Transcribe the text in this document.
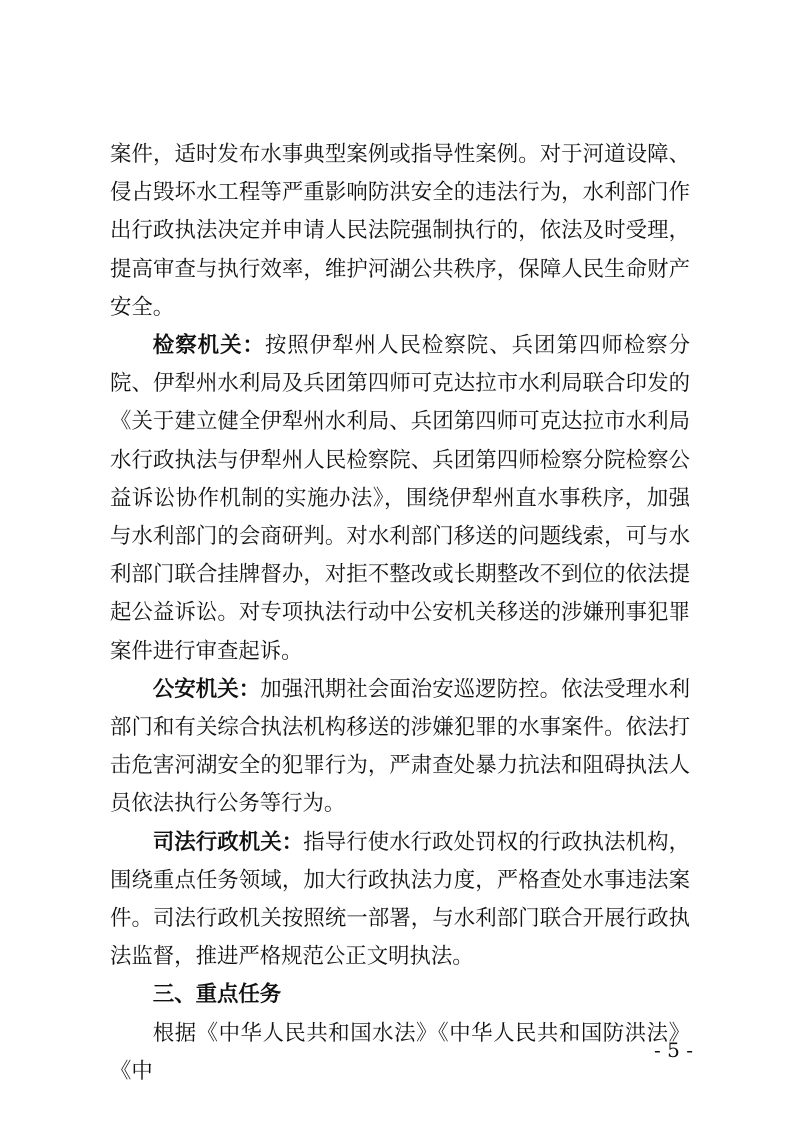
案件，适时发布水事典型案例或指导性案例。对于河道设障、侵占毁坏水工程等严重影响防洪安全的违法行为，水利部门作出行政执法决定并申请人民法院强制执行的，依法及时受理，提高审查与执行效率，维护河湖公共秩序，保障人民生命财产安全。

检察机关：按照伊犁州人民检察院、兵团第四师检察分院、伊犁州水利局及兵团第四师可克达拉市水利局联合印发的《关于建立健全伊犁州水利局、兵团第四师可克达拉市水利局水行政执法与伊犁州人民检察院、兵团第四师检察分院检察公益诉讼协作机制的实施办法》，围绕伊犁州直水事秩序，加强与水利部门的会商研判。对水利部门移送的问题线索，可与水利部门联合挂牌督办，对拒不整改或长期整改不到位的依法提起公益诉讼。对专项执法行动中公安机关移送的涉嫌刑事犯罪案件进行审查起诉。

公安机关：加强汛期社会面治安巡逻防控。依法受理水利部门和有关综合执法机构移送的涉嫌犯罪的水事案件。依法打击危害河湖安全的犯罪行为，严肃查处暴力抗法和阻碍执法人员依法执行公务等行为。

司法行政机关：指导行使水行政处罚权的行政执法机构，围绕重点任务领域，加大行政执法力度，严格查处水事违法案件。司法行政机关按照统一部署，与水利部门联合开展行政执法监督，推进严格规范公正文明执法。

三、重点任务

根据《中华人民共和国水法》《中华人民共和国防洪法》《中

- 5 -
